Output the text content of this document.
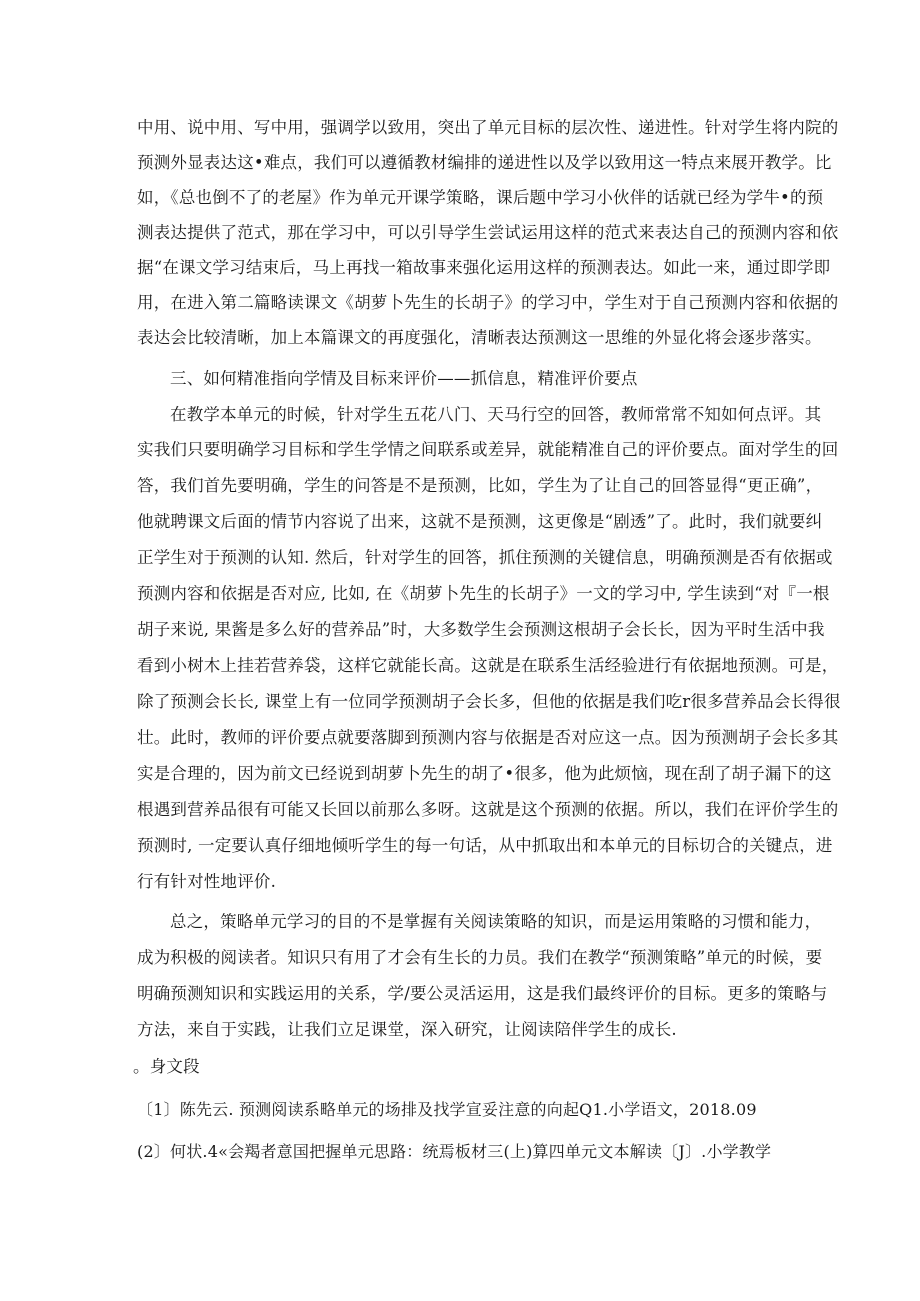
中用、说中用、写中用，强调学以致用，突出了单元目标的层次性、递进性。针对学生将内院的
预测外显表达这•难点，我们可以遵循教材编排的递进性以及学以致用这一特点来展开教学。比
如，《总也倒不了的老屋》作为单元开课学策略，课后题中学习小伙伴的话就已经为学牛•的预
测表达提供了范式，那在学习中，可以引导学生尝试运用这样的范式来表达自己的预测内容和依
据“在课文学习结束后，马上再找一箱故事来强化运用这样的预测表达。如此一来，通过即学即
用，在进入第二篇略读课文《胡萝卜先生的长胡子》的学习中，学生对于自己预测内容和依据的
表达会比较清晰，加上本篇课文的再度强化，清晰表达预测这一思维的外显化将会逐步落实。
三、如何精准指向学情及目标来评价——抓信息，精准评价要点
在教学本单元的时候，针对学生五花八门、天马行空的回答，教师常常不知如何点评。其
实我们只要明确学习目标和学生学情之间联系或差异，就能精准自己的评价要点。面对学生的回
答，我们首先要明确，学生的问答是不是预测，比如，学生为了让自己的回答显得“更正确”，
他就聘课文后面的情节内容说了出来，这就不是预测，这更像是“剧透”了。此时，我们就要纠
正学生对于预测的认知. 然后，针对学生的回答，抓住预测的关键信息，明确预测是否有依据或
预测内容和依据是否对应, 比如, 在《胡萝卜先生的长胡子》一文的学习中, 学生读到“对『一根
胡子来说, 果酱是多么好的营养品”时，大多数学生会预测这根胡子会长长，因为平时生活中我
看到小树木上挂若营养袋，这样它就能长高。这就是在联系生活经验进行有依据地预测。可是，
除了预测会长长, 课堂上有一位同学预测胡子会长多，但他的依据是我们吃r很多营养品会长得很
壮。此时，教师的评价要点就要落脚到预测内容与依据是否对应这一点。因为预测胡子会长多其
实是合理的，因为前文已经说到胡萝卜先生的胡了•很多，他为此烦恼，现在刮了胡子漏下的这
根遇到营养品很有可能又长回以前那么多呀。这就是这个预测的依据。所以，我们在评价学生的
预测时, 一定要认真仔细地倾听学生的每一句话，从中抓取出和本单元的目标切合的关键点，进
行有针对性地评价.
总之，策略单元学习的目的不是掌握有关阅读策略的知识，而是运用策略的习惯和能力，
成为积极的阅读者。知识只有用了才会有生长的力员。我们在教学“预测策略”单元的时候，要
明确预测知识和实践运用的关系，学/要公灵活运用，这是我们最终评价的目标。更多的策略与
方法，来自于实践，让我们立足课堂，深入研究，让阅读陪伴学生的成长.
。身文段
〔1〕陈先云. 预测阅读系略单元的场排及找学宣妥注意的向起Q1.小学语文，2018.09
(2〕何状.4«会羯者意国把握单元思路：统焉板材三(上)算四单元文本解读〔J〕.小学教学
